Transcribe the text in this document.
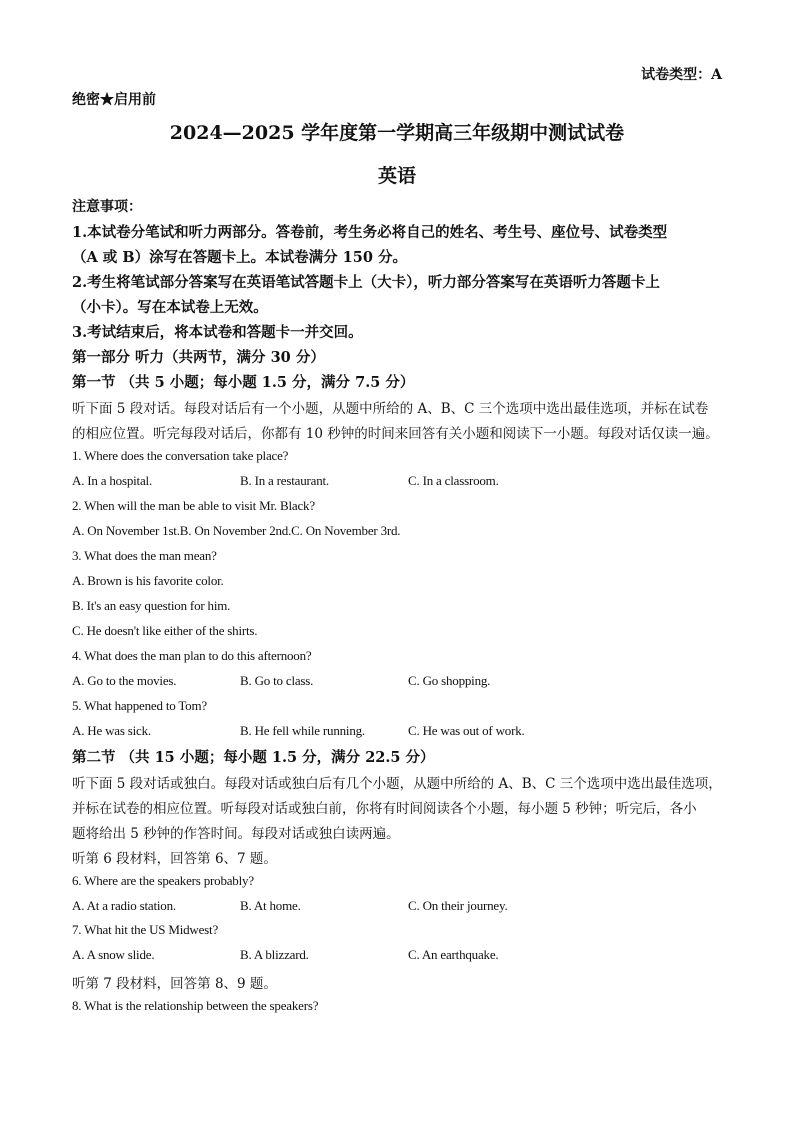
试卷类型：A
绝密★启用前
2024—2025 学年度第一学期高三年级期中测试试卷
英语
注意事项：
1.本试卷分笔试和听力两部分。答卷前，考生务必将自己的姓名、考生号、座位号、试卷类型
（A 或 B）涂写在答题卡上。本试卷满分 150 分。
2.考生将笔试部分答案写在英语笔试答题卡上（大卡），听力部分答案写在英语听力答题卡上
（小卡）。写在本试卷上无效。
3.考试结束后，将本试卷和答题卡一并交回。
第一部分 听力（共两节，满分 30 分）
第一节 （共 5 小题；每小题 1.5 分，满分 7.5 分）
听下面 5 段对话。每段对话后有一个小题，从题中所给的 A、B、C 三个选项中选出最佳选项，并标在试卷
的相应位置。听完每段对话后，你都有 10 秒钟的时间来回答有关小题和阅读下一小题。每段对话仅读一遍。
1. Where does the conversation take place?
A. In a hospital.	B. In a restaurant.	C. In a classroom.
2. When will the man be able to visit Mr. Black?
A. On November 1st.B. On November 2nd.C. On November 3rd.
3. What does the man mean?
A. Brown is his favorite color.
B. It's an easy question for him.
C. He doesn't like either of the shirts.
4. What does the man plan to do this afternoon?
A. Go to the movies.	B. Go to class.	C. Go shopping.
5. What happened to Tom?
A. He was sick.	B. He fell while running.	C. He was out of work.
第二节 （共 15 小题；每小题 1.5 分，满分 22.5 分）
听下面 5 段对话或独白。每段对话或独白后有几个小题，从题中所给的 A、B、C 三个选项中选出最佳选项，
并标在试卷的相应位置。听每段对话或独白前，你将有时间阅读各个小题，每小题 5 秒钟；听完后，各小
题将给出 5 秒钟的作答时间。每段对话或独白读两遍。
听第 6 段材料，回答第 6、7 题。
6. Where are the speakers probably?
A. At a radio station.	B. At home.	C. On their journey.
7. What hit the US Midwest?
A. A snow slide.	B. A blizzard.	C. An earthquake.
听第 7 段材料，回答第 8、9 题。
8. What is the relationship between the speakers?
